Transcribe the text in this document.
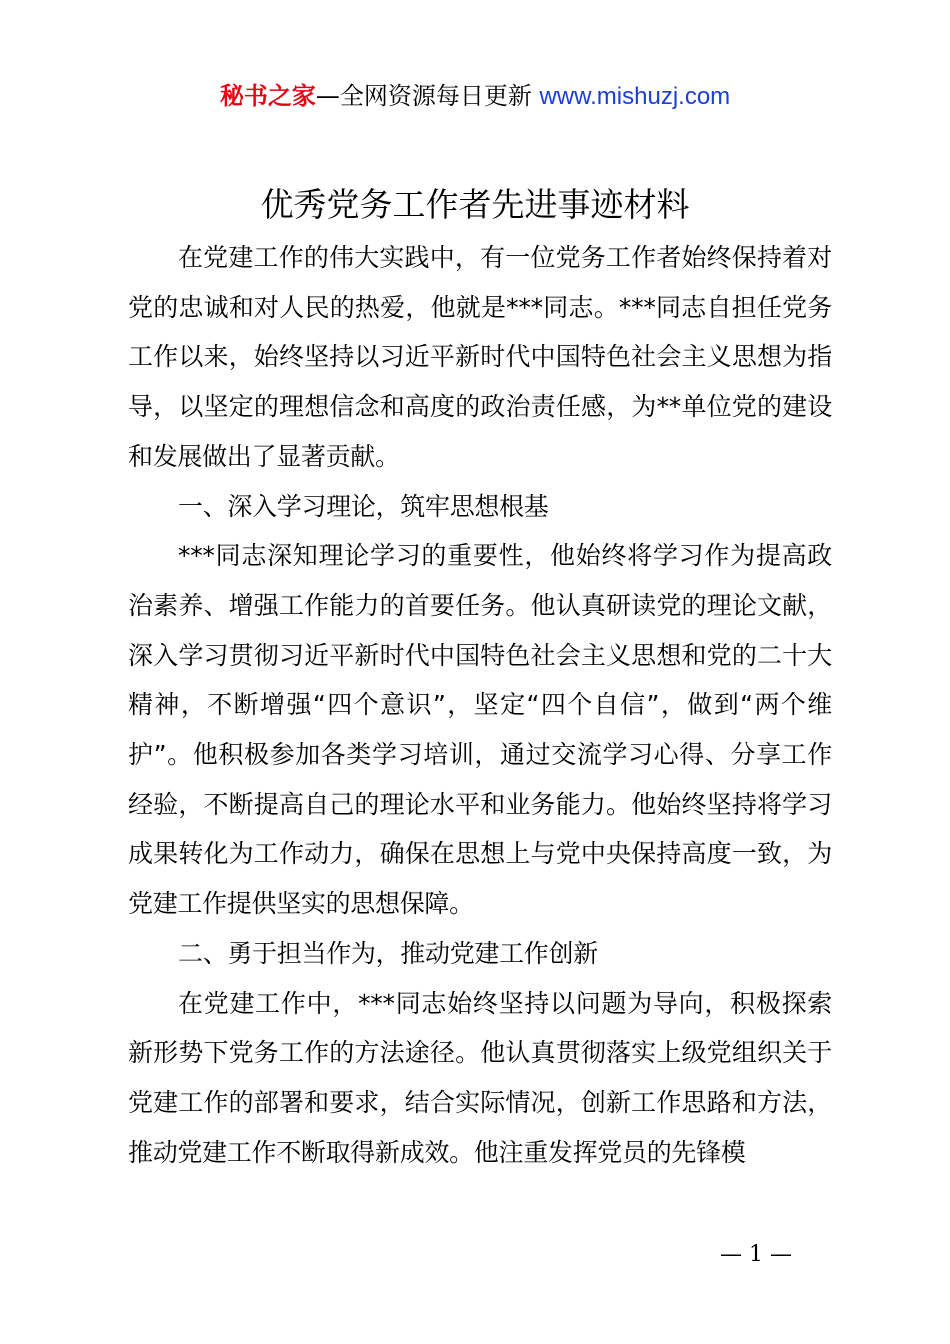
秘书之家—全网资源每日更新 www.mishuzj.com
优秀党务工作者先进事迹材料

在党建工作的伟大实践中，有一位党务工作者始终保持着对党的忠诚和对人民的热爱，他就是***同志。***同志自担任党务工作以来，始终坚持以习近平新时代中国特色社会主义思想为指导，以坚定的理想信念和高度的政治责任感，为**单位党的建设和发展做出了显著贡献。

一、深入学习理论，筑牢思想根基

***同志深知理论学习的重要性，他始终将学习作为提高政治素养、增强工作能力的首要任务。他认真研读党的理论文献，深入学习贯彻习近平新时代中国特色社会主义思想和党的二十大精神，不断增强“四个意识”，坚定“四个自信”，做到“两个维护”。他积极参加各类学习培训，通过交流学习心得、分享工作经验，不断提高自己的理论水平和业务能力。他始终坚持将学习成果转化为工作动力，确保在思想上与党中央保持高度一致，为党建工作提供坚实的思想保障。

二、勇于担当作为，推动党建工作创新

在党建工作中，***同志始终坚持以问题为导向，积极探索新形势下党务工作的方法途径。他认真贯彻落实上级党组织关于党建工作的部署和要求，结合实际情况，创新工作思路和方法，推动党建工作不断取得新成效。他注重发挥党员的先锋模

— 1 —
